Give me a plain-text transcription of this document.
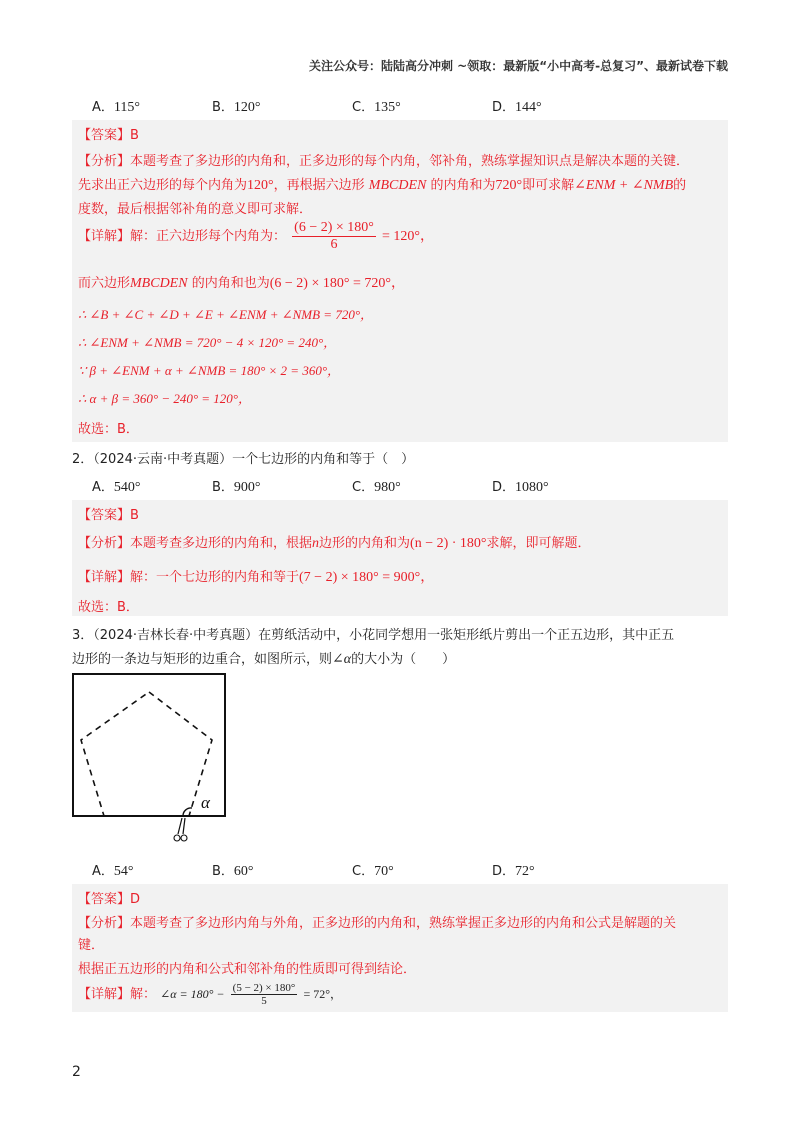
关注公众号：陆陆高分冲刺 ~领取：最新版“小中高考-总复习”、最新试卷下载
A．115°	B．120°	C．135°	D．144°
【答案】B
【分析】本题考查了多边形的内角和，正多边形的每个内角，邻补角，熟练掌握知识点是解决本题的关键．
先求出正六边形的每个内角为120°，再根据六边形 MBCDEN 的内角和为720°即可求解∠ENM + ∠NMB的
度数，最后根据邻补角的意义即可求解．
【详解】解：正六边形每个内角为： $\frac{(6 - 2) \times 180^\circ}{6} = 120^\circ$，
而六边形MBCDEN 的内角和也为(6 − 2) × 180° = 720°，
∴ ∠B + ∠C + ∠D + ∠E + ∠ENM + ∠NMB = 720°，
∴ ∠ENM + ∠NMB = 720° − 4 × 120° = 240°，
∵ β + ∠ENM + α + ∠NMB = 180° × 2 = 360°，
∴ α + β = 360° − 240° = 120°，
故选：B．
2．（2024·云南·中考真题）一个七边形的内角和等于（　）
A．540°	B．900°	C．980°	D．1080°
【答案】B
【分析】本题考查多边形的内角和，根据n边形的内角和为(n − 2) · 180°求解，即可解题．
【详解】解：一个七边形的内角和等于(7 − 2) × 180° = 900°，
故选：B．
3．（2024·吉林长春·中考真题）在剪纸活动中，小花同学想用一张矩形纸片剪出一个正五边形，其中正五
边形的一条边与矩形的边重合，如图所示，则∠α的大小为（　　）
α
A．54°	B．60°	C．70°	D．72°
【答案】D
【分析】本题考查了多边形内角与外角，正多边形的内角和，熟练掌握正多边形的内角和公式是解题的关
键．
根据正五边形的内角和公式和邻补角的性质即可得到结论．
【详解】解： ∠α = $180^\circ - \frac{(5 - 2) \times 180^\circ}{5} = 72^\circ$，
2
